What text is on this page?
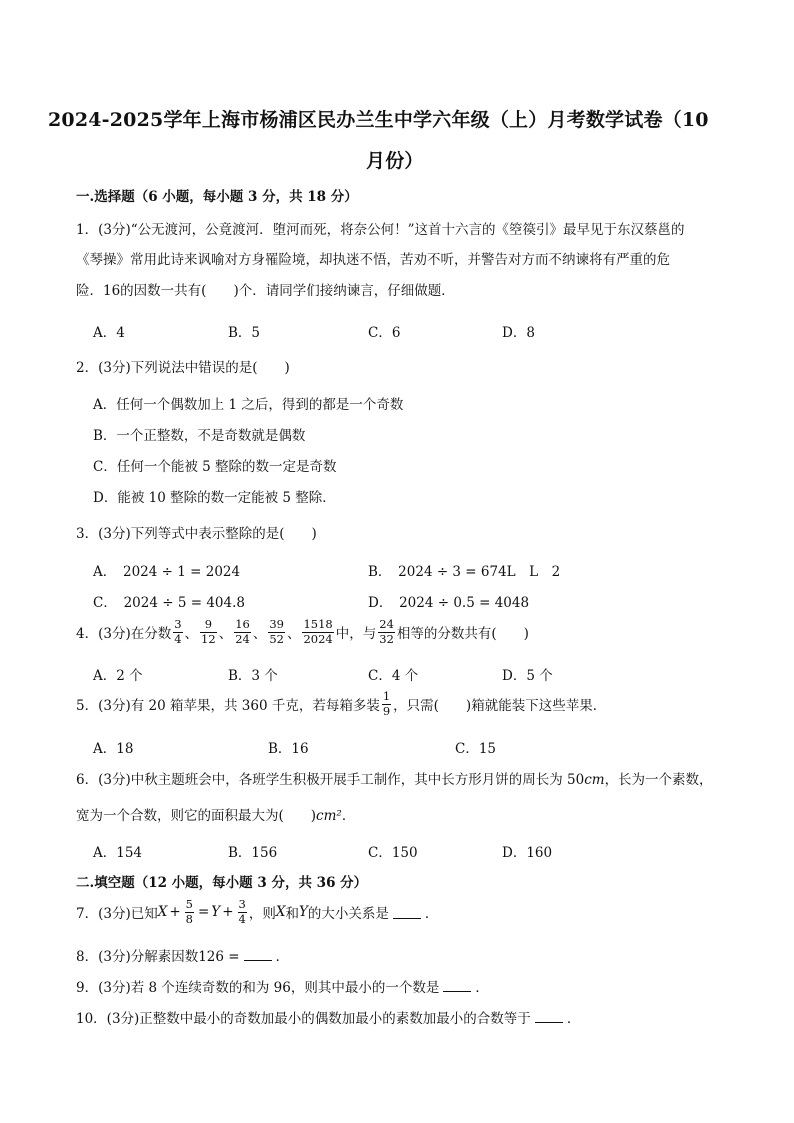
2024-2025学年上海市杨浦区民办兰生中学六年级（上）月考数学试卷（10
月份）
一.选择题（6 小题，每小题 3 分，共 18 分）
1．(3分)“公无渡河，公竟渡河．堕河而死，将奈公何！”这首十六言的《箜篌引》最早见于东汉蔡邕的
《琴操》常用此诗来讽喻对方身罹险境，却执迷不悟，苦劝不听，并警告对方而不纳谏将有严重的危
险．16的因数一共有(　　)个．请同学们接纳谏言，仔细做题．
A．4	B．5	C．6	D．8
2．(3分)下列说法中错误的是(　　)
A．任何一个偶数加上 1 之后，得到的都是一个奇数
B．一个正整数，不是奇数就是偶数
C．任何一个能被 5 整除的数一定是奇数
D．能被 10 整除的数一定能被 5 整除．
3．(3分)下列等式中表示整除的是(　　)
A．　2024 ÷ 1 = 2024	B．　2024 ÷ 3 = 674L　L　2
C．　2024 ÷ 5 = 404.8	D．　2024 ÷ 0.5 = 4048
4．(3分)在分数 $\frac{3}{4}$ 、 $\frac{9}{12}$ 、 $\frac{16}{24}$ 、 $\frac{39}{52}$ 、 $\frac{1518}{2024}$ 中，与 $\frac{24}{32}$ 相等的分数共有(　　)
A．2 个	B．3 个	C．4 个	D．5 个
5．(3分)有 20 箱苹果，共 360 千克，若每箱多装 $\frac{1}{9}$ ，只需(　　)箱就能装下这些苹果．
A．18	B．16	C．15
6．(3分)中秋主题班会中，各班学生积极开展手工制作，其中长方形月饼的周长为 50cm，长为一个素数，
宽为一个合数，则它的面积最大为(　　)cm²．
A．154	B．156	C．150	D．160
二.填空题（12 小题，每小题 3 分，共 36 分）
7．(3分)已知 $X + \frac{5}{8} = Y + \frac{3}{4}$ ，则 X 和 Y 的大小关系是	．
8．(3分)分解素因数126 =	．
9．(3分)若 8 个连续奇数的和为 96，则其中最小的一个数是	．
10．(3分)正整数中最小的奇数加最小的偶数加最小的素数加最小的合数等于	．
